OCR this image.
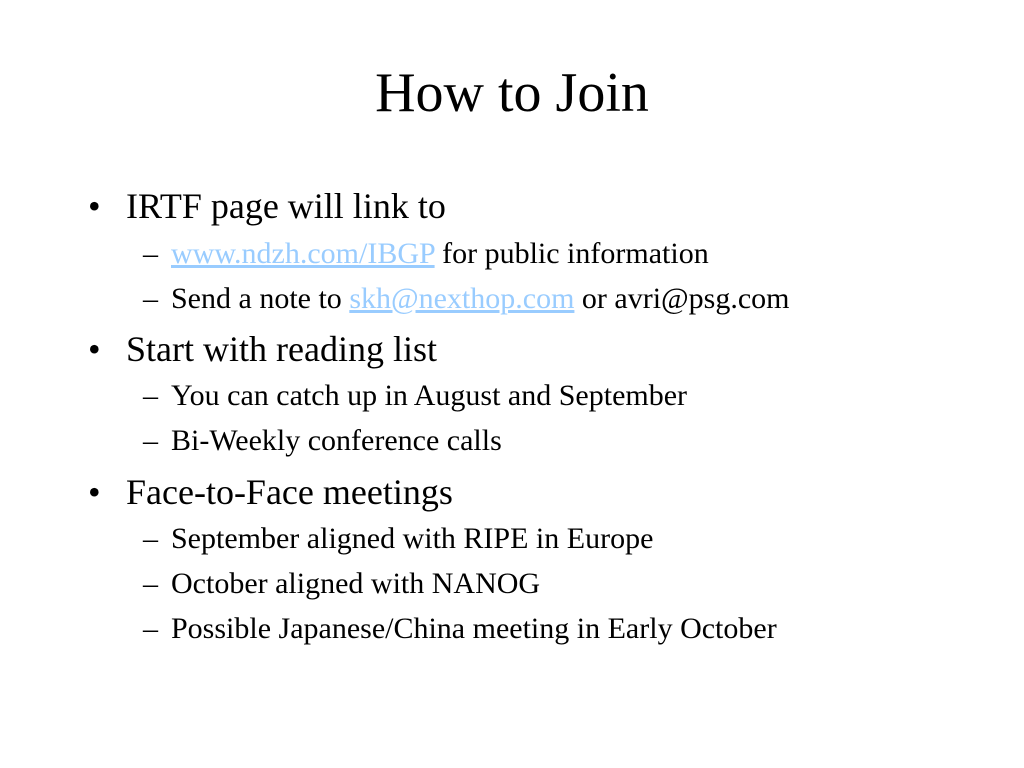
How to Join
• IRTF page will link to
– www.ndzh.com/IBGP for public information
– Send a note to skh@nexthop.com or avri@psg.com
• Start with reading list
– You can catch up in August and September
– Bi-Weekly conference calls
• Face-to-Face meetings
– September aligned with RIPE in Europe
– October aligned with NANOG
– Possible Japanese/China meeting in Early October
